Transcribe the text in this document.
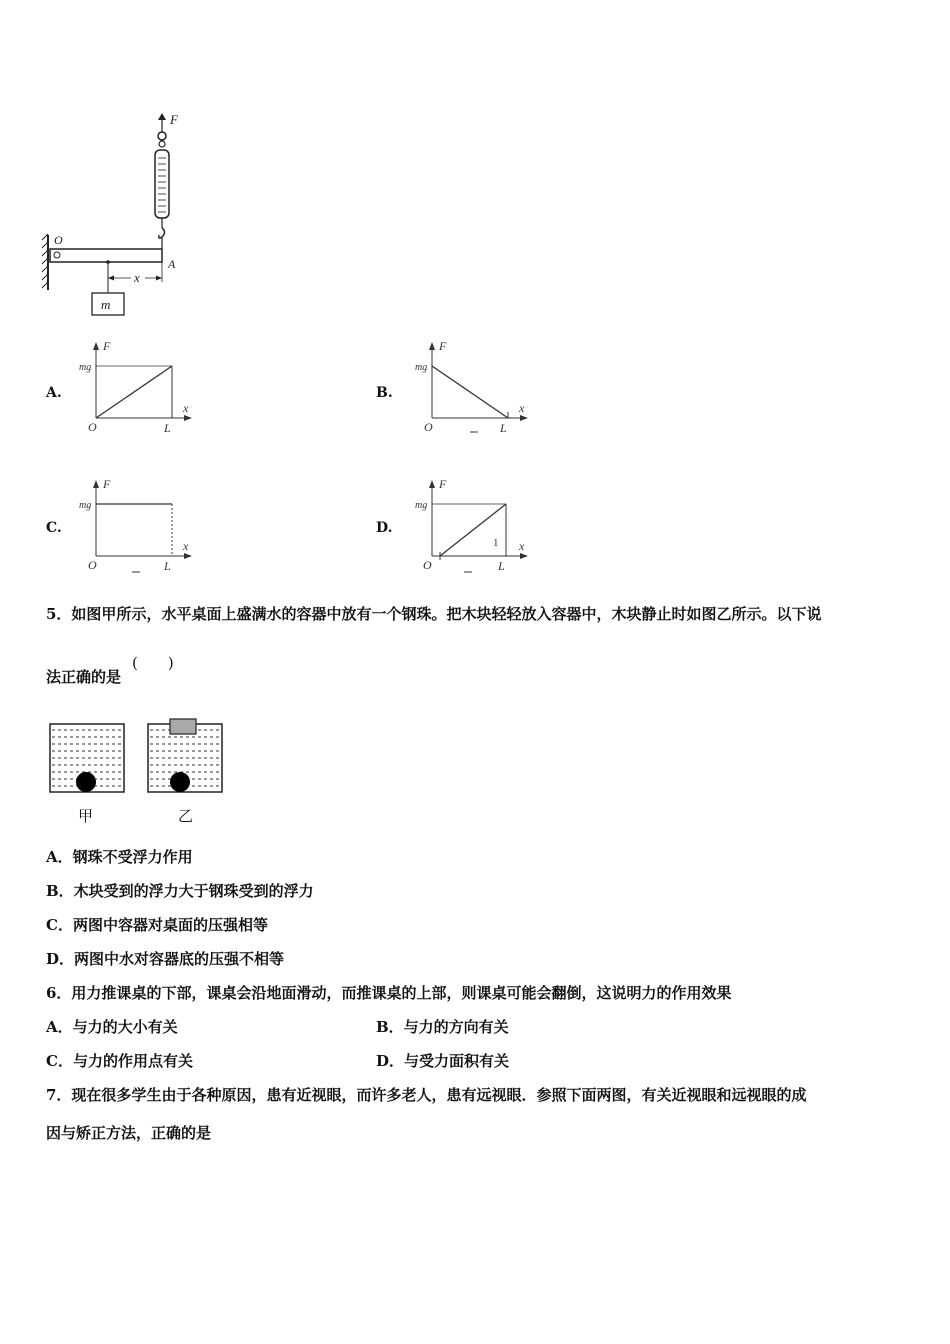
x
F
O
A
m
A.
F
mg
O	L
x
B.
F
mg
O	L
x
C.
F
mg
O	L
x
D.
F
mg
O	L
x
1
5．如图甲所示，水平桌面上盛满水的容器中放有一个钢珠。把木块轻轻放入容器中，木块静止时如图乙所示。以下说
法正确的是
(　　)
甲	乙
A．钢珠不受浮力作用
B．木块受到的浮力大于钢珠受到的浮力
C．两图中容器对桌面的压强相等
D．两图中水对容器底的压强不相等
6．用力推课桌的下部，课桌会沿地面滑动，而推课桌的上部，则课桌可能会翻倒，这说明力的作用效果
A．与力的大小有关	B．与力的方向有关
C．与力的作用点有关	D．与受力面积有关
7．现在很多学生由于各种原因，患有近视眼，而许多老人，患有远视眼．参照下面两图，有关近视眼和远视眼的成
因与矫正方法，正确的是
